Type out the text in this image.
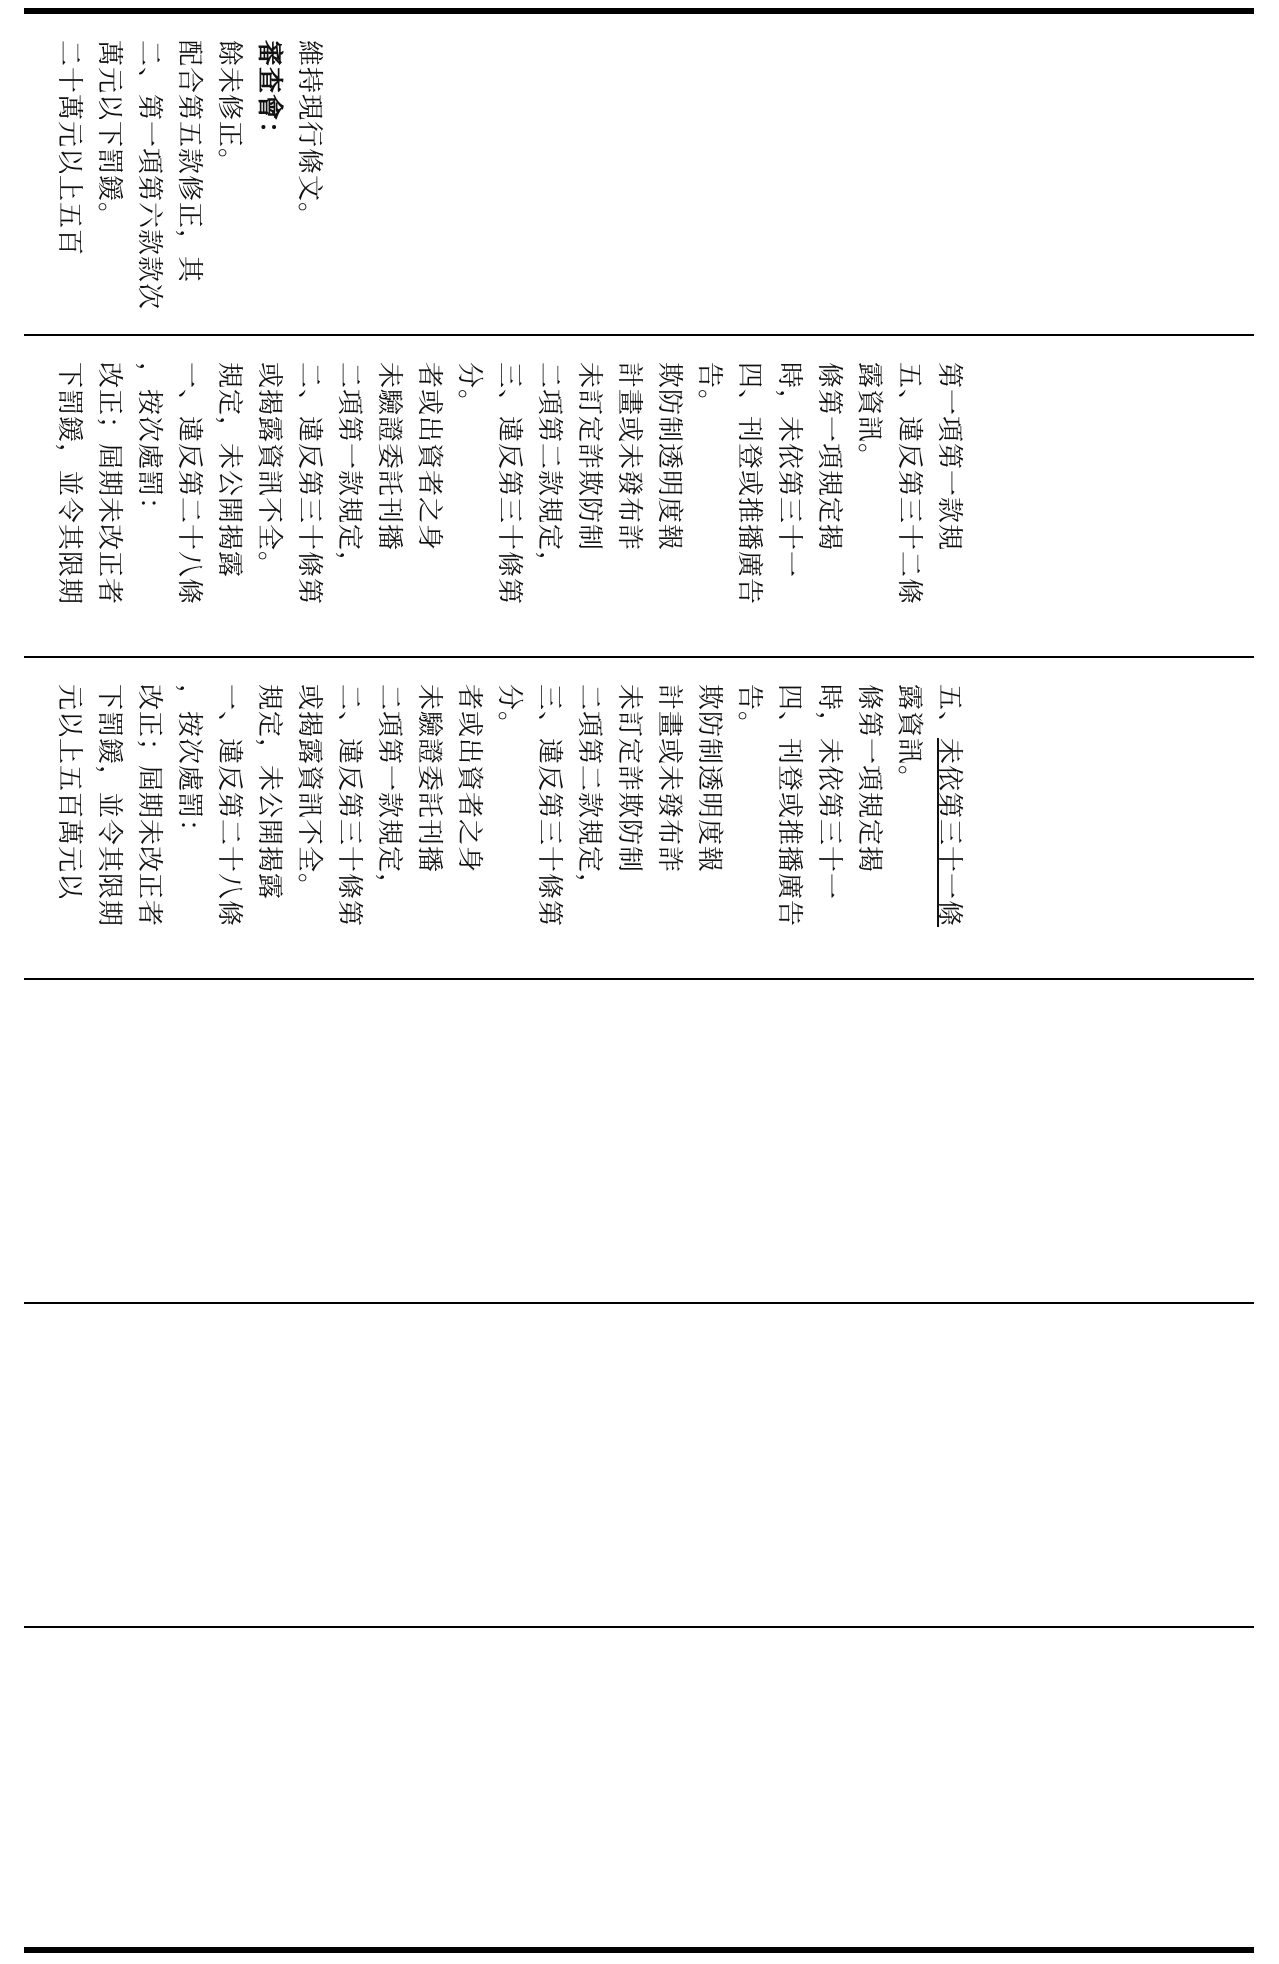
二十萬元以上五百 萬元以下罰鍰。 二、第一項第六款款次 配合第五款修正，其 餘未修正。 審查會： 維持現行條文。
下罰鍰，並令其限期 改正；屆期未改正者 ，按次處罰： 一、違反第二十八條 規定，未公開揭露 或揭露資訊不全。 二、違反第三十條第 二項第一款規定， 未驗證委託刊播 者或出資者之身 分。 三、違反第三十條第 二項第二款規定， 未訂定詐欺防制 計畫或未發布詐 欺防制透明度報 告。 四、刊登或推播廣告 時，未依第三十一 條第一項規定揭 露資訊。 五、違反第三十二條 第一項第一款規
元以上五百萬元以 下罰鍰，並令其限期 改正；屆期未改正者 ，按次處罰： 一、違反第二十八條 規定，未公開揭露 或揭露資訊不全。 二、違反第三十條第 二項第一款規定， 未驗證委託刊播 者或出資者之身 分。 三、違反第三十條第 二項第二款規定， 未訂定詐欺防制 計畫或未發布詐 欺防制透明度報 告。 四、刊登或推播廣告 時，未依第三十一 條第一項規定揭 露資訊。 五、未依第三十一條
